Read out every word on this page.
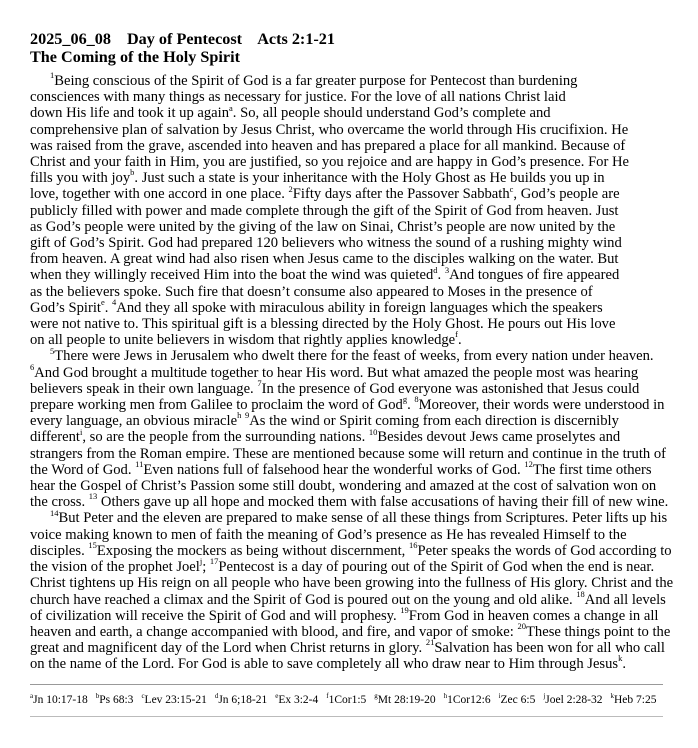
2025_06_08 Day of Pentecost Acts 2:1-21
The Coming of the Holy Spirit
$^1$Being conscious of the Spirit of God is a far greater purpose for Pentecost than burdening
consciences with many things as necessary for justice. For the love of all nations Christ laid
down His life and took it up again$^a$. So, all people should understand God’s complete and
comprehensive plan of salvation by Jesus Christ, who overcame the world through His crucifixion. He
was raised from the grave, ascended into heaven and has prepared a place for all mankind. Because of
Christ and your faith in Him, you are justified, so you rejoice and are happy in God’s presence. For He
fills you with joy$^b$. Just such a state is your inheritance with the Holy Ghost as He builds you up in
love, together with one accord in one place. $^2$Fifty days after the Passover Sabbath$^c$, God’s people are
publicly filled with power and made complete through the gift of the Spirit of God from heaven. Just
as God’s people were united by the giving of the law on Sinai, Christ’s people are now united by the
gift of God’s Spirit. God had prepared 120 believers who witness the sound of a rushing mighty wind
from heaven. A great wind had also risen when Jesus came to the disciples walking on the water. But
when they willingly received Him into the boat the wind was quieted$^d$. $^3$And tongues of fire appeared
as the believers spoke. Such fire that doesn’t consume also appeared to Moses in the presence of
God’s Spirit$^e$. $^4$And they all spoke with miraculous ability in foreign languages which the speakers
were not native to. This spiritual gift is a blessing directed by the Holy Ghost. He pours out His love
on all people to unite believers in wisdom that rightly applies knowledge$^f$.
$^5$There were Jews in Jerusalem who dwelt there for the feast of weeks, from every nation under heaven.
$^6$And God brought a multitude together to hear His word. But what amazed the people most was hearing
believers speak in their own language. $^7$In the presence of God everyone was astonished that Jesus could
prepare working men from Galilee to proclaim the word of God$^g$. $^8$Moreover, their words were understood in
every language, an obvious miracle$^h$ $^9$As the wind or Spirit coming from each direction is discernibly
different$^i$, so are the people from the surrounding nations. $^{10}$Besides devout Jews came proselytes and
strangers from the Roman empire. These are mentioned because some will return and continue in the truth of
the Word of God. $^{11}$Even nations full of falsehood hear the wonderful works of God. $^{12}$The first time others
hear the Gospel of Christ’s Passion some still doubt, wondering and amazed at the cost of salvation won on
the cross. $^{13}$ Others gave up all hope and mocked them with false accusations of having their fill of new wine.
$^{14}$But Peter and the eleven are prepared to make sense of all these things from Scriptures. Peter lifts up his
voice making known to men of faith the meaning of God’s presence as He has revealed Himself to the
disciples. $^{15}$Exposing the mockers as being without discernment, $^{16}$Peter speaks the words of God according to
the vision of the prophet Joel$^j$; $^{17}$Pentecost is a day of pouring out of the Spirit of God when the end is near.
Christ tightens up His reign on all people who have been growing into the fullness of His glory. Christ and the
church have reached a climax and the Spirit of God is poured out on the young and old alike. $^{18}$And all levels
of civilization will receive the Spirit of God and will prophesy. $^{19}$From God in heaven comes a change in all
heaven and earth, a change accompanied with blood, and fire, and vapor of smoke: $^{20}$These things point to the
great and magnificent day of the Lord when Christ returns in glory. $^{21}$Salvation has been won for all who call
on the name of the Lord. For God is able to save completely all who draw near to Him through Jesus$^k$.
$^a$Jn 10:17-18 $^b$Ps 68:3 $^c$Lev 23:15-21 $^d$Jn 6;18-21 $^e$Ex 3:2-4 $^f$1Cor1:5 $^g$Mt 28:19-20 $^h$1Cor12:6 $^i$Zec 6:5 $^j$Joel 2:28-32 $^k$Heb 7:25
